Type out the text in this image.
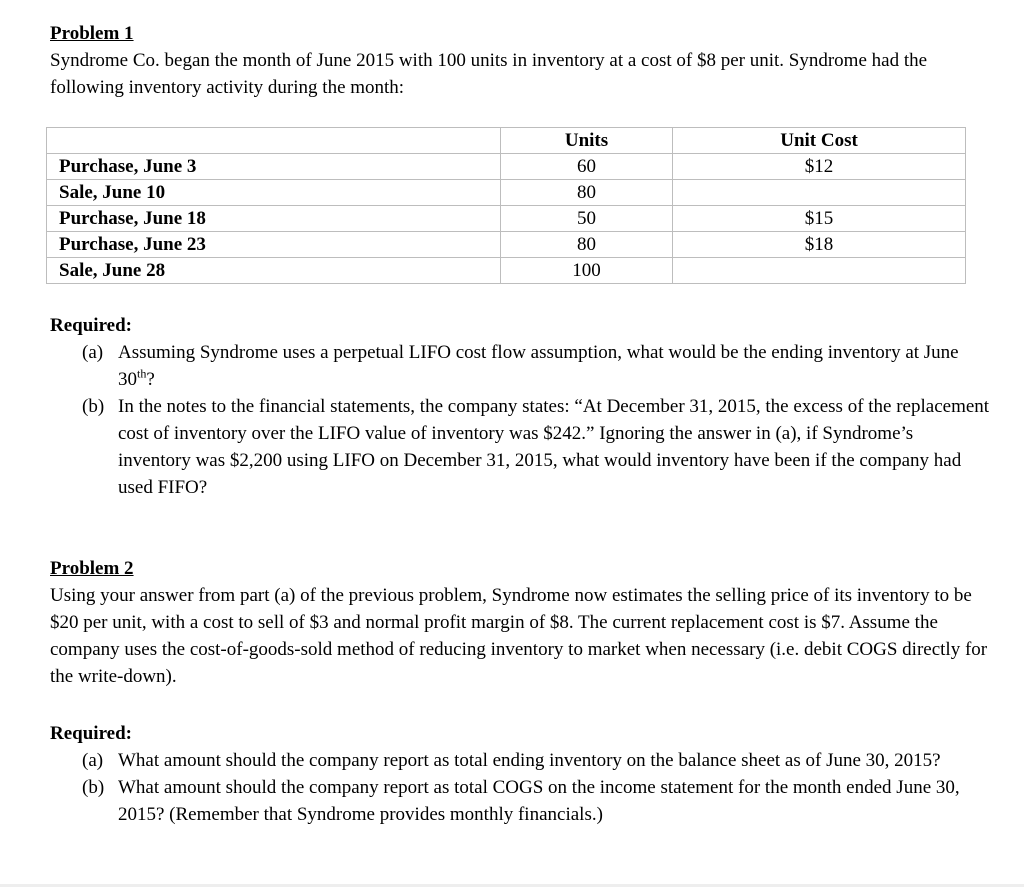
Problem 1

Syndrome Co. began the month of June 2015 with 100 units in inventory at a cost of $8 per unit. Syndrome had the following inventory activity during the month:

	Units	Unit Cost
Purchase, June 3	60	$12
Sale, June 10	80	
Purchase, June 18	50	$15
Purchase, June 23	80	$18
Sale, June 28	100	

Required:

(a) Assuming Syndrome uses a perpetual LIFO cost flow assumption, what would be the ending inventory at June 30th?
(b) In the notes to the financial statements, the company states: “At December 31, 2015, the excess of the replacement cost of inventory over the LIFO value of inventory was $242.” Ignoring the answer in (a), if Syndrome’s inventory was $2,200 using LIFO on December 31, 2015, what would inventory have been if the company had used FIFO?

Problem 2

Using your answer from part (a) of the previous problem, Syndrome now estimates the selling price of its inventory to be $20 per unit, with a cost to sell of $3 and normal profit margin of $8. The current replacement cost is $7. Assume the company uses the cost-of-goods-sold method of reducing inventory to market when necessary (i.e. debit COGS directly for the write-down).

Required:

(a) What amount should the company report as total ending inventory on the balance sheet as of June 30, 2015?
(b) What amount should the company report as total COGS on the income statement for the month ended June 30, 2015? (Remember that Syndrome provides monthly financials.)
